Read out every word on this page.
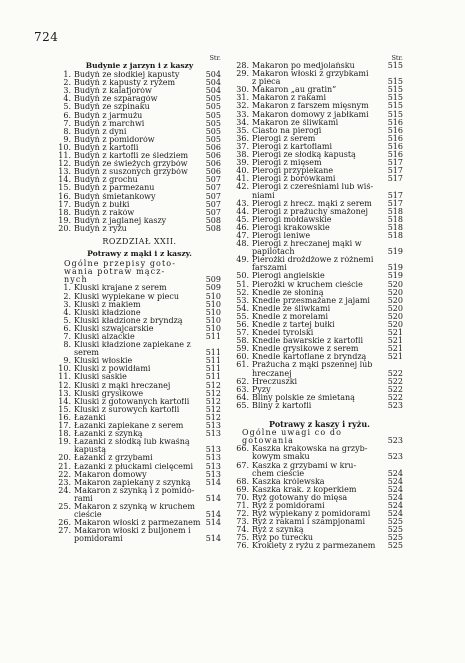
724
Str.
Budynie z jarzyn i z kaszy
1. Budyń ze słodkiej kapusty	504
2. Budyń z kapusty z ryżem	504
3. Budyń z kalafjorów	504
4. Budyń ze szparagów	505
5. Budyń ze szpinaku	505
6. Budyń z jarmużu	505
7. Budyń z marchwi	505
8. Budyń z dyni	505
9. Budyń z pomidorów	505
10. Budyń z kartofli	506
11. Budyń z kartofli ze śledziem	506
12. Budyń ze świeżych grzybów	506
13. Budyń z suszonych grzybów	506
14. Budyń z grochu	507
15. Budyń z parmezanu	507
16. Budyń śmietankowy	507
17. Budyń z bułki	507
18. Budyń z raków	507
19. Budyń z jaglanej kaszy	508
20. Budyń z ryżu	508
ROZDZIAŁ XXII.
Potrawy z mąki i z kaszy.
Ogólne przepisy goto-
wania potraw mącz-
nych	509
1. Kluski krajane z serem	509
2. Kluski wypiekane w piecu	510
3. Kluski z makiem	510
4. Kluski kładzione	510
5. Kluski kładzione z bryndzą	510
6. Kluski szwajcarskie	510
7. Kluski alzackie	511
8. Kluski kładzione zapiekane z
serem	511
9. Kluski włoskie	511
10. Kluski z powidłami	511
11. Kluski saskie	511
12. Kluski z mąki hreczanej	512
13. Kluski grysikowe	512
14. Kluski z gotowanych kartofli	512
15. Kluski z surowych kartofli	512
16. Łazanki	512
17. Łazanki zapiekane z serem	513
18. Łazanki z szynką	513
19. Łazanki z słodką lub kwaśną
kapustą	513
20. Łazanki z grzybami	513
21. Łazanki z płuckami cielęcemi	513
22. Makaron domowy	513
23. Makaron zapiekany z szynką	514
24. Makaron z szynką i z pomido-
rami	514
25. Makaron z szynką w kruchem
cieście	514
26. Makaron włoski z parmezanem 514
27. Makaron włoski z buljonem i
pomidorami	514
Str.
28. Makaron po medjolańsku	515
29. Makaron włoski z grzybkami
z pieca	515
30. Makaron „au gratin”	515
31. Makaron z rakami	515
32. Makaron z farszem mięsnym	515
33. Makaron domowy z jabłkami	515
34. Makaron ze śliwkami	516
35. Ciasto na pierogi	516
36. Pierogi z serem	516
37. Pierogi z kartoflami	516
38. Pierogi ze słodką kapustą	516
39. Pierogi z mięsem	517
40. Pierogi przypiekane	517
41. Pierogi z borówkami	517
42. Pierogi z czereśniami lub wiś-
niami	517
43. Pierogi z hrecz. mąki z serem	517
44. Pierogi z prażuchy smażonej	518
45. Pierogi mołdawskie	518
46. Pierogi krakowskie	518
47. Pierogi leniwe	518
48. Pierogi z hreczanej mąki w
papilotach	519
49. Pierożki drożdżowe z różnemi
farszami	519
50. Pierogi angielskie	519
51. Pierożki w kruchem cieście	520
52. Knedle ze słoniną	520
53. Knedle przesmażane z jajami	520
54. Knedle ze śliwkami	520
55. Knedle z morelami	520
56. Knedle z tartej bułki	520
57. Knedel tyrolski	521
58. Knedle bawarskie z kartofli	521
59. Knedle grysikowe z serem	521
60. Knedle kartoflane z bryndzą	521
61. Prażucha z mąki pszennej lub
hreczanej	522
62. Hreczuszki	522
63. Pyzy	522
64. Bliny polskie ze śmietaną	522
65. Bliny z kartofli	523
Potrawy z kaszy i ryżu.
Ogólne uwagi co do
gotowania	523
66. Kaszka krakowska na grzyb-
kowym smaku	523
67. Kaszka z grzybami w kru-
chem cieście	524
68. Kaszka królewska	524
69. Kaszka krak. z koperkiem	524
70. Ryż gotowany do mięsa	524
71. Ryż z pomidorami	524
72. Ryż wypiekany z pomidorami	524
73. Ryż z rakami i szampjonami	525
74. Ryż z szynką	525
75. Ryż po turecku	525
76. Krokiety z ryżu z parmezanem	525
